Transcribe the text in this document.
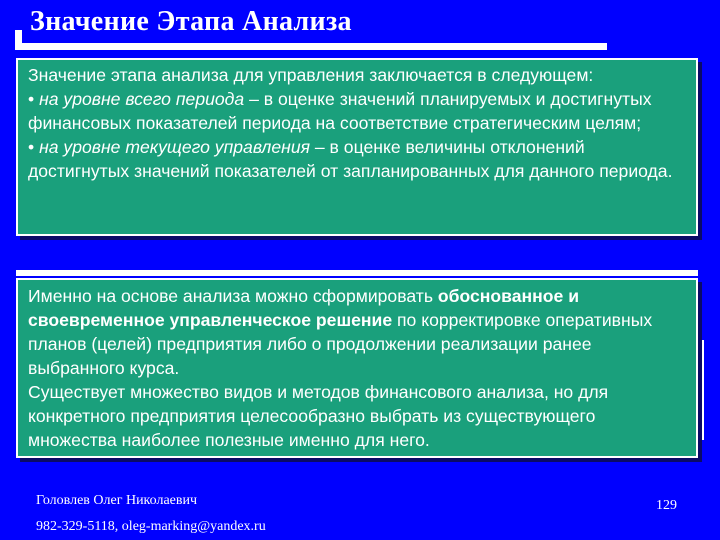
Значение Этапа Анализа

Значение этапа анализа для управления заключается в следующем:
• на уровне всего периода – в оценке значений планируемых и достигнутых финансовых показателей периода на соответствие стратегическим целям;
• на уровне текущего управления – в оценке величины отклонений достигнутых значений показателей от запланированных для данного периода.

Именно на основе анализа можно сформировать обоснованное и своевременное управленческое решение по корректировке оперативных планов (целей) предприятия либо о продолжении реализации ранее выбранного курса.

Существует множество видов и методов финансового анализа, но для конкретного предприятия целесообразно выбрать из существующего множества наиболее полезные именно для него.

Головлев Олег Николаевич
982-329-5118, oleg-marking@yandex.ru
129
